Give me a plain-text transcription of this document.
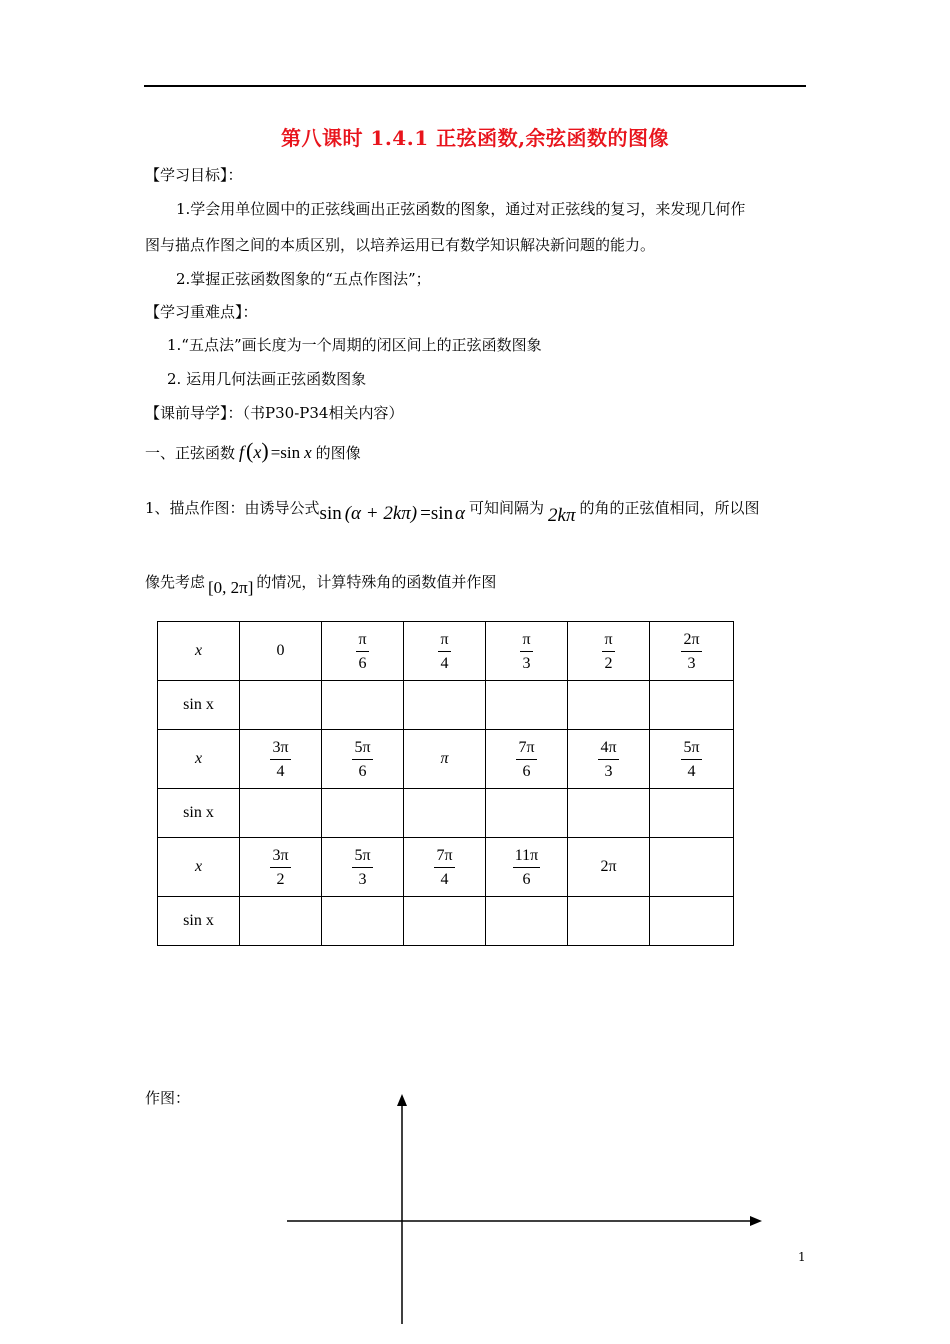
第八课时 1.4.1 正弦函数,余弦函数的图像
【学习目标】：
1.学会用单位圆中的正弦线画出正弦函数的图象，通过对正弦线的复习，来发现几何作
图与描点作图之间的本质区别，以培养运用已有数学知识解决新问题的能力。
2.掌握正弦函数图象的“五点作图法”；
【学习重难点】：
1.“五点法”画长度为一个周期的闭区间上的正弦函数图象
2. 运用几何法画正弦函数图象
【课前导学】：（书P30-P34相关内容）
一、正弦函数 f(x) =sin x 的图像
1、描点作图：由诱导公式sin (α + 2kπ) =sin α 可知间隔为 2kπ 的角的正弦值相同，所以图
像先考虑 [0, 2π] 的情况，计算特殊角的函数值并作图
x	0	$\frac{\pi}{6}$	$\frac{\pi}{4}$	$\frac{\pi}{3}$	$\frac{\pi}{2}$	$\frac{2\pi}{3}$

sin x						
x	$\frac{3\pi}{4}$	$\frac{5\pi}{6}$	π	$\frac{7\pi}{6}$	$\frac{4\pi}{3}$	$\frac{5\pi}{4}$

sin x						
x	$\frac{3\pi}{2}$	$\frac{5\pi}{3}$	$\frac{7\pi}{4}$	$\frac{11\pi}{6}$	2π	
sin x						
作图：
1
